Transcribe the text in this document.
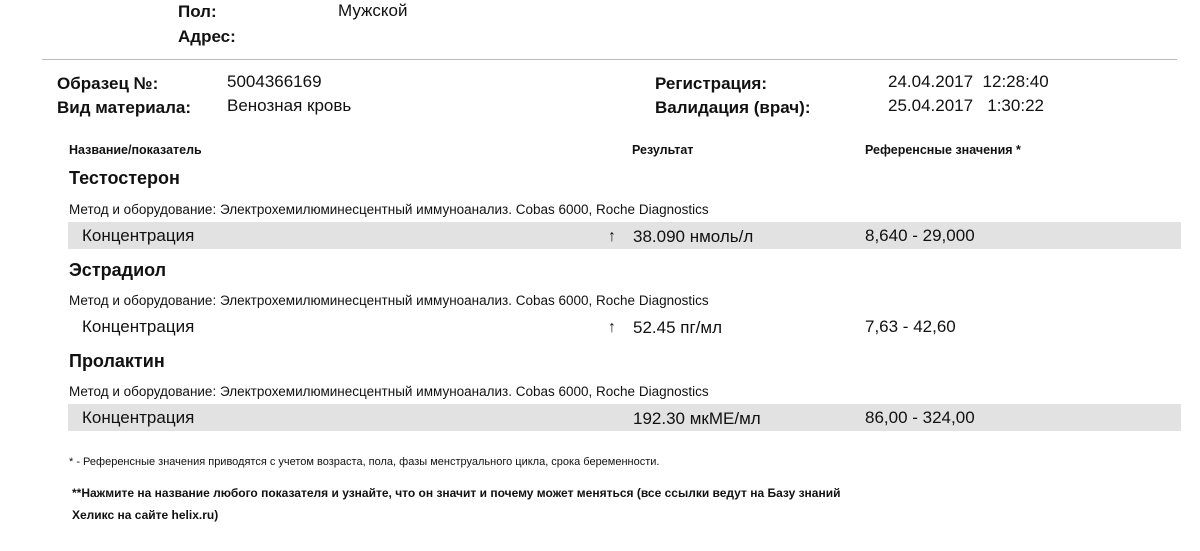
Пол:	Мужской
Адрес:
Образец №:	5004366169
Вид материала: Венозная кровь
Регистрация:	24.04.2017  12:28:40
Валидация (врач):	25.04.2017   1:30:22
Название/показатель	Результат	Референсные значения *
Тестостерон
Метод и оборудование: Электрохемилюминесцентный иммуноанализ. Cobas 6000, Roche Diagnostics
Концентрация	↑ 38.090 нмоль/л	8,640 - 29,000
Эстрадиол
Метод и оборудование: Электрохемилюминесцентный иммуноанализ. Cobas 6000, Roche Diagnostics
Концентрация	↑ 52.45 пг/мл	7,63 - 42,60
Пролактин
Метод и оборудование: Электрохемилюминесцентный иммуноанализ. Cobas 6000, Roche Diagnostics
Концентрация	192.30 мкМЕ/мл	86,00 - 324,00
* - Референсные значения приводятся с учетом возраста, пола, фазы менструального цикла, срока беременности.
**Нажмите на название любого показателя и узнайте, что он значит и почему может меняться (все ссылки ведут на Базу знаний
Хеликс на сайте helix.ru)
